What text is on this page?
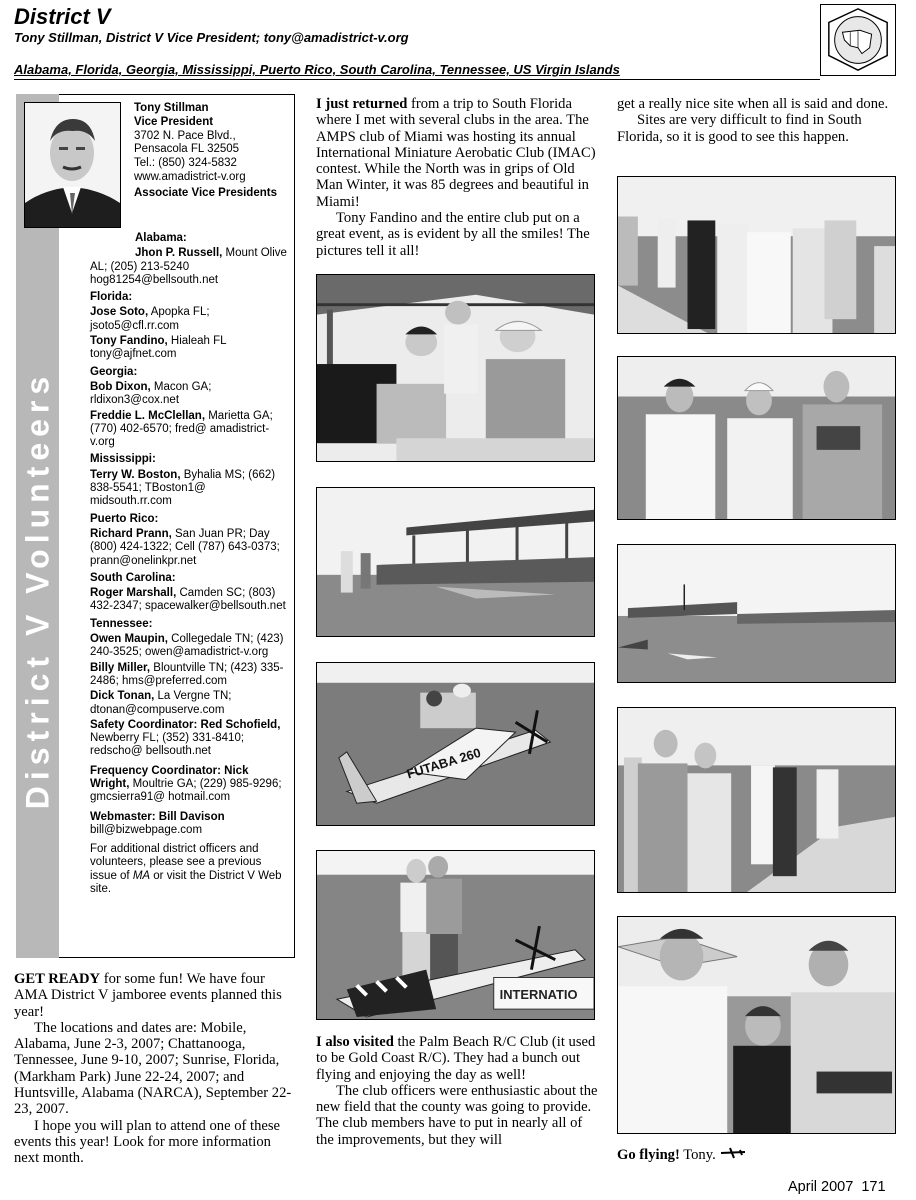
District V
Tony Stillman, District V Vice President; tony@amadistrict-v.org
Alabama, Florida, Georgia, Mississippi, Puerto Rico, South Carolina, Tennessee, US Virgin Islands
District V Volunteers
Tony Stillman
Vice President
3702 N. Pace Blvd.,
Pensacola FL 32505
Tel.: (850) 324-5832
www.amadistrict-v.org
Associate Vice Presidents
Alabama:
Jhon P. Russell, Mount Olive AL; (205) 213-5240 hog81254@bellsouth.net
Florida:
Jose Soto, Apopka FL; jsoto5@cfl.rr.com
Tony Fandino, Hialeah FL tony@ajfnet.com
Georgia:
Bob Dixon, Macon GA; rldixon3@cox.net
Freddie L. McClellan, Marietta GA; (770) 402-6570; fred@ amadistrict-v.org
Mississippi:
Terry W. Boston, Byhalia MS; (662) 838-5541; TBoston1@ midsouth.rr.com
Puerto Rico:
Richard Prann, San Juan PR; Day (800) 424-1322; Cell (787) 643-0373; prann@onelinkpr.net
South Carolina:
Roger Marshall, Camden SC; (803) 432-2347; spacewalker@bellsouth.net
Tennessee:
Owen Maupin, Collegedale TN; (423) 240-3525; owen@amadistrict-v.org
Billy Miller, Blountville TN; (423) 335-2486; hms@preferred.com
Dick Tonan, La Vergne TN; dtonan@compuserve.com
Safety Coordinator: Red Schofield, Newberry FL; (352) 331-8410; redscho@ bellsouth.net
Frequency Coordinator: Nick Wright, Moultrie GA; (229) 985-9296; gmcsierra91@ hotmail.com
Webmaster: Bill Davison
bill@bizwebpage.com
For additional district officers and volunteers, please see a previous issue of MA or visit the District V Web site.

GET READY for some fun! We have four AMA District V jamboree events planned this year!

The locations and dates are: Mobile, Alabama, June 2-3, 2007; Chattanooga, Tennessee, June 9-10, 2007; Sunrise, Florida, (Markham Park) June 22-24, 2007; and Huntsville, Alabama (NARCA), September 22-23, 2007.

I hope you will plan to attend one of these events this year! Look for more information next month.

I just returned from a trip to South Florida where I met with several clubs in the area. The AMPS club of Miami was hosting its annual International Miniature Aerobatic Club (IMAC) contest. While the North was in grips of Old Man Winter, it was 85 degrees and beautiful in Miami!

Tony Fandino and the entire club put on a great event, as is evident by all the smiles! The pictures tell it all!

I also visited the Palm Beach R/C Club (it used to be Gold Coast R/C). They had a bunch out flying and enjoying the day as well!

The club officers were enthusiastic about the new field that the county was going to provide. The club members have to put in nearly all of the improvements, but they will

get a really nice site when all is said and done.

Sites are very difficult to find in South Florida, so it is good to see this happen.

Go flying! Tony.

FUTABA 260
INTERNATIO
April 2007 171
